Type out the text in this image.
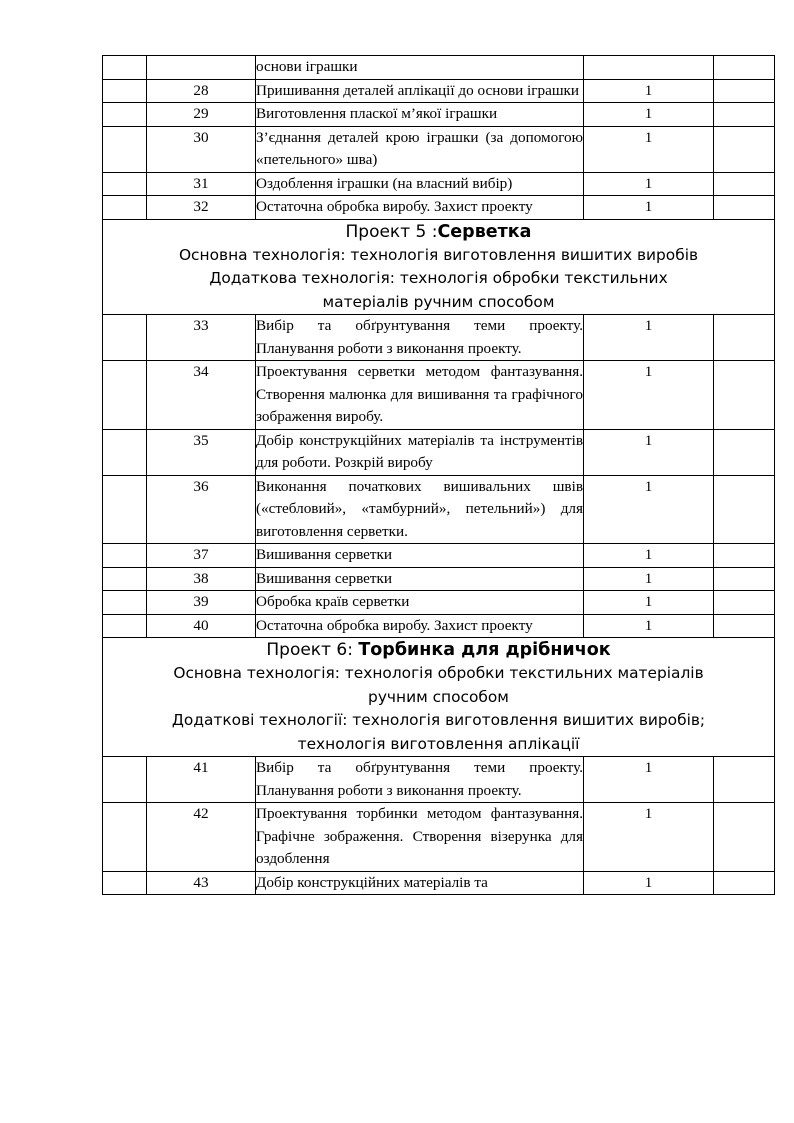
		основи іграшки		
	28	Пришивання деталей аплікації до основи іграшки	1	
	29	Виготовлення пласкої м’якої іграшки	1	
	30	З’єднання деталей крою іграшки (за допомогою «петельного» шва)	1	
	31	Оздоблення іграшки (на власний вибір)	1	
	32	Остаточна обробка виробу. Захист проекту	1	

Проект 5 :Серветка
Основна технологія: технологія виготовлення вишитих виробів
Додаткова технологія: технологія обробки текстильних
матеріалів ручним способом				

	33	Вибір та обґрунтування теми проекту. Планування роботи з виконання проекту.	1	
	34	Проектування серветки методом фантазування. Створення малюнка для вишивання та графічного зображення виробу.	1	
	35	Добір конструкційних матеріалів та інструментів для роботи. Розкрій виробу	1	
	36	Виконання початкових вишивальних швів («стебловий», «тамбурний», петельний») для виготовлення серветки.	1	
	37	Вишивання серветки	1	
	38	Вишивання серветки	1	
	39	Обробка країв серветки	1	
	40	Остаточна обробка виробу. Захист проекту	1	

Проект 6: Торбинка для дрібничок
Основна технологія: технологія обробки текстильних матеріалів
ручним способом
Додаткові технології: технологія виготовлення вишитих виробів;
технологія виготовлення аплікації				

	41	Вибір та обґрунтування теми проекту. Планування роботи з виконання проекту.	1	
	42	Проектування торбинки методом фантазування. Графічне зображення. Створення візерунка для оздоблення	1	
	43	Добір конструкційних матеріалів та	1	
